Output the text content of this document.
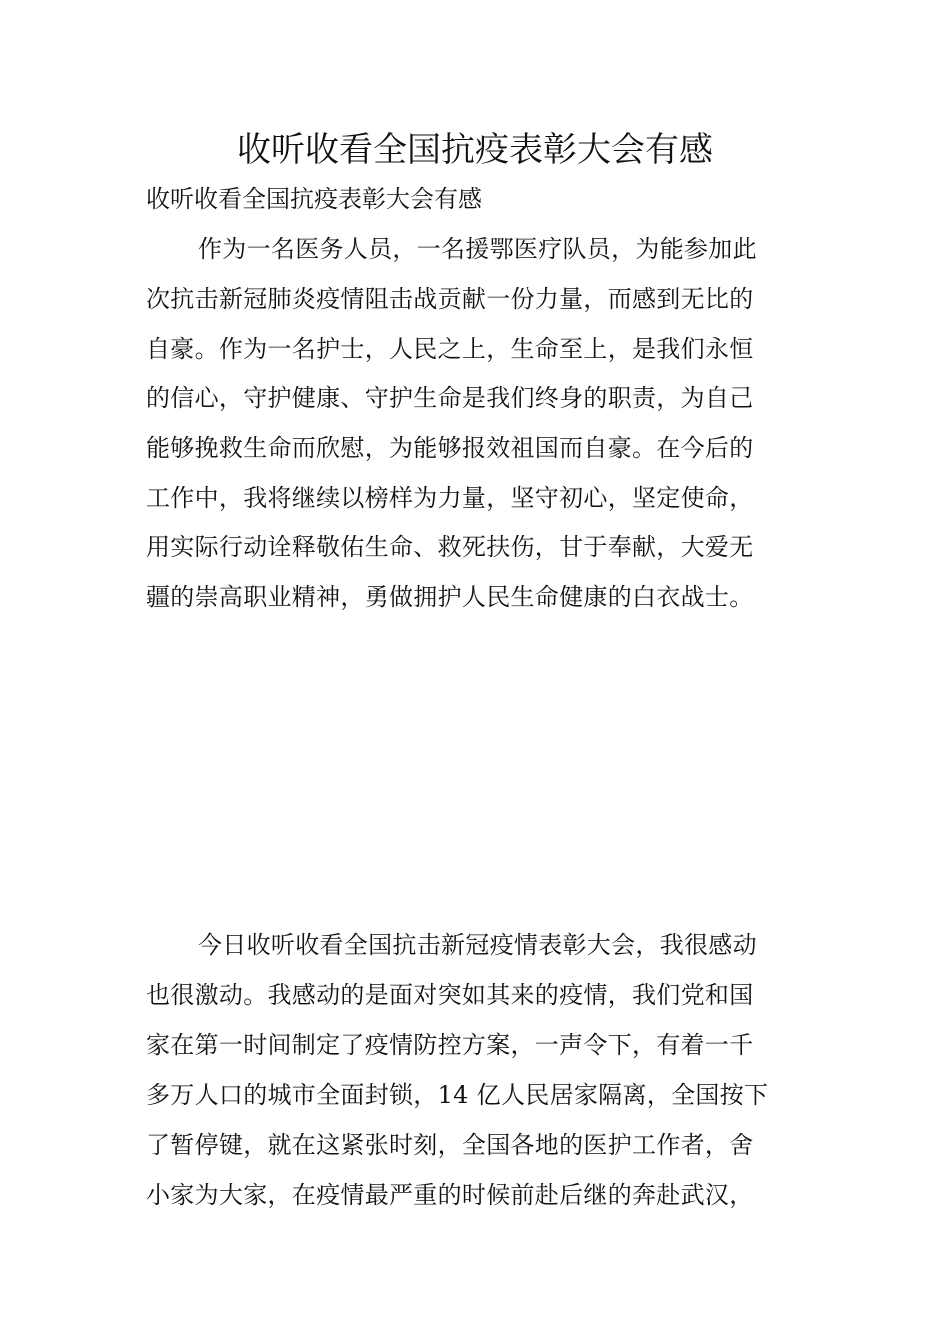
收听收看全国抗疫表彰大会有感
收听收看全国抗疫表彰大会有感
作为一名医务人员，一名援鄂医疗队员，为能参加此
次抗击新冠肺炎疫情阻击战贡献一份力量，而感到无比的
自豪。作为一名护士，人民之上，生命至上，是我们永恒
的信心，守护健康、守护生命是我们终身的职责，为自己
能够挽救生命而欣慰，为能够报效祖国而自豪。在今后的
工作中，我将继续以榜样为力量，坚守初心，坚定使命，
用实际行动诠释敬佑生命、救死扶伤，甘于奉献，大爱无
疆的崇高职业精神，勇做拥护人民生命健康的白衣战士。
今日收听收看全国抗击新冠疫情表彰大会，我很感动
也很激动。我感动的是面对突如其来的疫情，我们党和国
家在第一时间制定了疫情防控方案，一声令下，有着一千
多万人口的城市全面封锁，14 亿人民居家隔离，全国按下
了暂停键，就在这紧张时刻，全国各地的医护工作者，舍
小家为大家，在疫情最严重的时候前赴后继的奔赴武汉，
